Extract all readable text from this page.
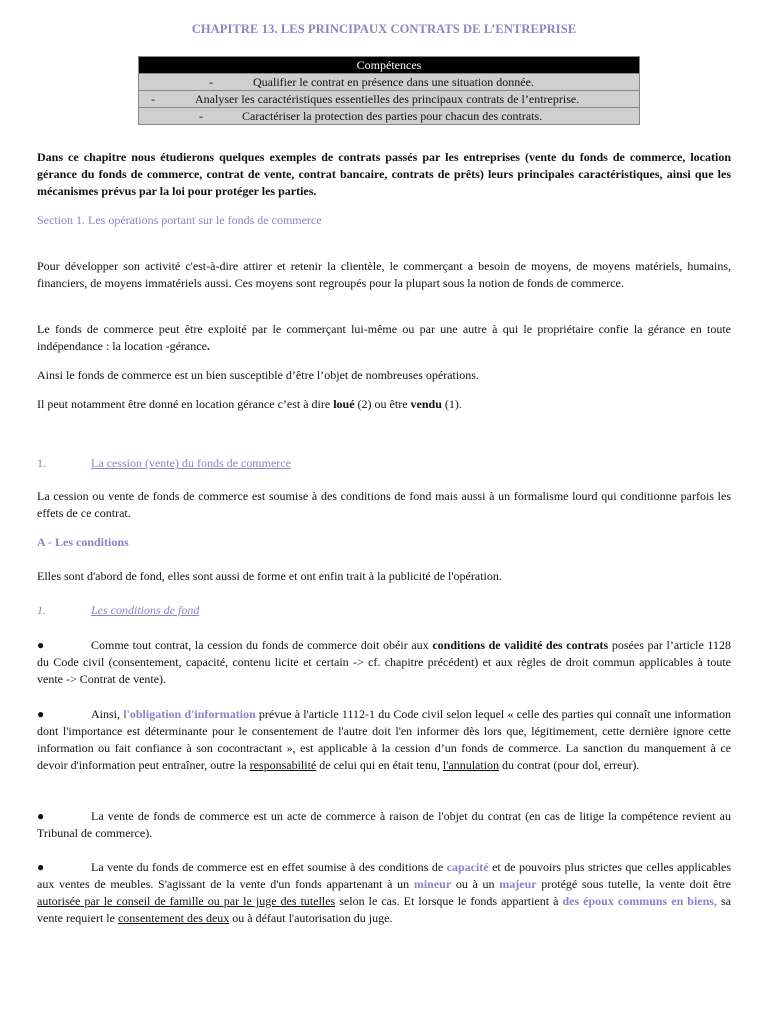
CHAPITRE 13. LES PRINCIPAUX CONTRATS DE L’ENTREPRISE
Compétences

-	Qualifier le contrat en présence dans une situation donnée.

-	Analyser les caractéristiques essentielles des principaux contrats de l’entreprise.

-	Caractériser la protection des parties pour chacun des contrats.

Dans ce chapitre nous étudierons quelques exemples de contrats passés par les entreprises (vente du fonds de commerce, location gérance du fonds de commerce, contrat de vente, contrat bancaire, contrats de prêts) leurs principales caractéristiques, ainsi que les mécanismes prévus par la loi pour protéger les parties.

Section 1. Les opérations portant sur le fonds de commerce

Pour développer son activité c'est-à-dire attirer et retenir la clientèle, le commerçant a besoin de moyens, de moyens matériels, humains, financiers, de moyens immatériels aussi. Ces moyens sont regroupés pour la plupart sous la notion de fonds de commerce.

Le fonds de commerce peut être exploité par le commerçant lui-même ou par une autre à qui le propriétaire confie la gérance en toute indépendance : la location -gérance.

Ainsi le fonds de commerce est un bien susceptible d’être l’objet de nombreuses opérations.

Il peut notamment être donné en location gérance c’est à dire loué (2) ou être vendu (1).

1.	La cession (vente) du fonds de commerce

La cession ou vente de fonds de commerce est soumise à des conditions de fond mais aussi à un formalisme lourd qui conditionne parfois les effets de ce contrat.

A - Les conditions

Elles sont d'abord de fond, elles sont aussi de forme et ont enfin trait à la publicité de l'opération.

1.	Les conditions de fond

●	Comme tout contrat, la cession du fonds de commerce doit obéir aux conditions de validité des contrats posées par l’article 1128 du Code civil (consentement, capacité, contenu licite et certain -> cf. chapitre précédent) et aux règles de droit commun applicables à toute vente -> Contrat de vente).

●	Ainsi, l'obligation d'information prévue à l'article 1112-1 du Code civil selon lequel « celle des parties qui connaît une information dont l'importance est déterminante pour le consentement de l'autre doit l'en informer dès lors que, légitimement, cette dernière ignore cette information ou fait confiance à son cocontractant », est applicable à la cession d’un fonds de commerce. La sanction du manquement à ce devoir d'information peut entraîner, outre la responsabilité de celui qui en était tenu, l'annulation du contrat (pour dol, erreur).

●	La vente de fonds de commerce est un acte de commerce à raison de l'objet du contrat (en cas de litige la compétence revient au Tribunal de commerce).

●	La vente du fonds de commerce est en effet soumise à des conditions de capacité et de pouvoirs plus strictes que celles applicables aux ventes de meubles. S'agissant de la vente d'un fonds appartenant à un mineur ou à un majeur protégé sous tutelle, la vente doit être autorisée par le conseil de famille ou par le juge des tutelles selon le cas. Et lorsque le fonds appartient à des époux communs en biens, sa vente requiert le consentement des deux ou à défaut l'autorisation du juge.
